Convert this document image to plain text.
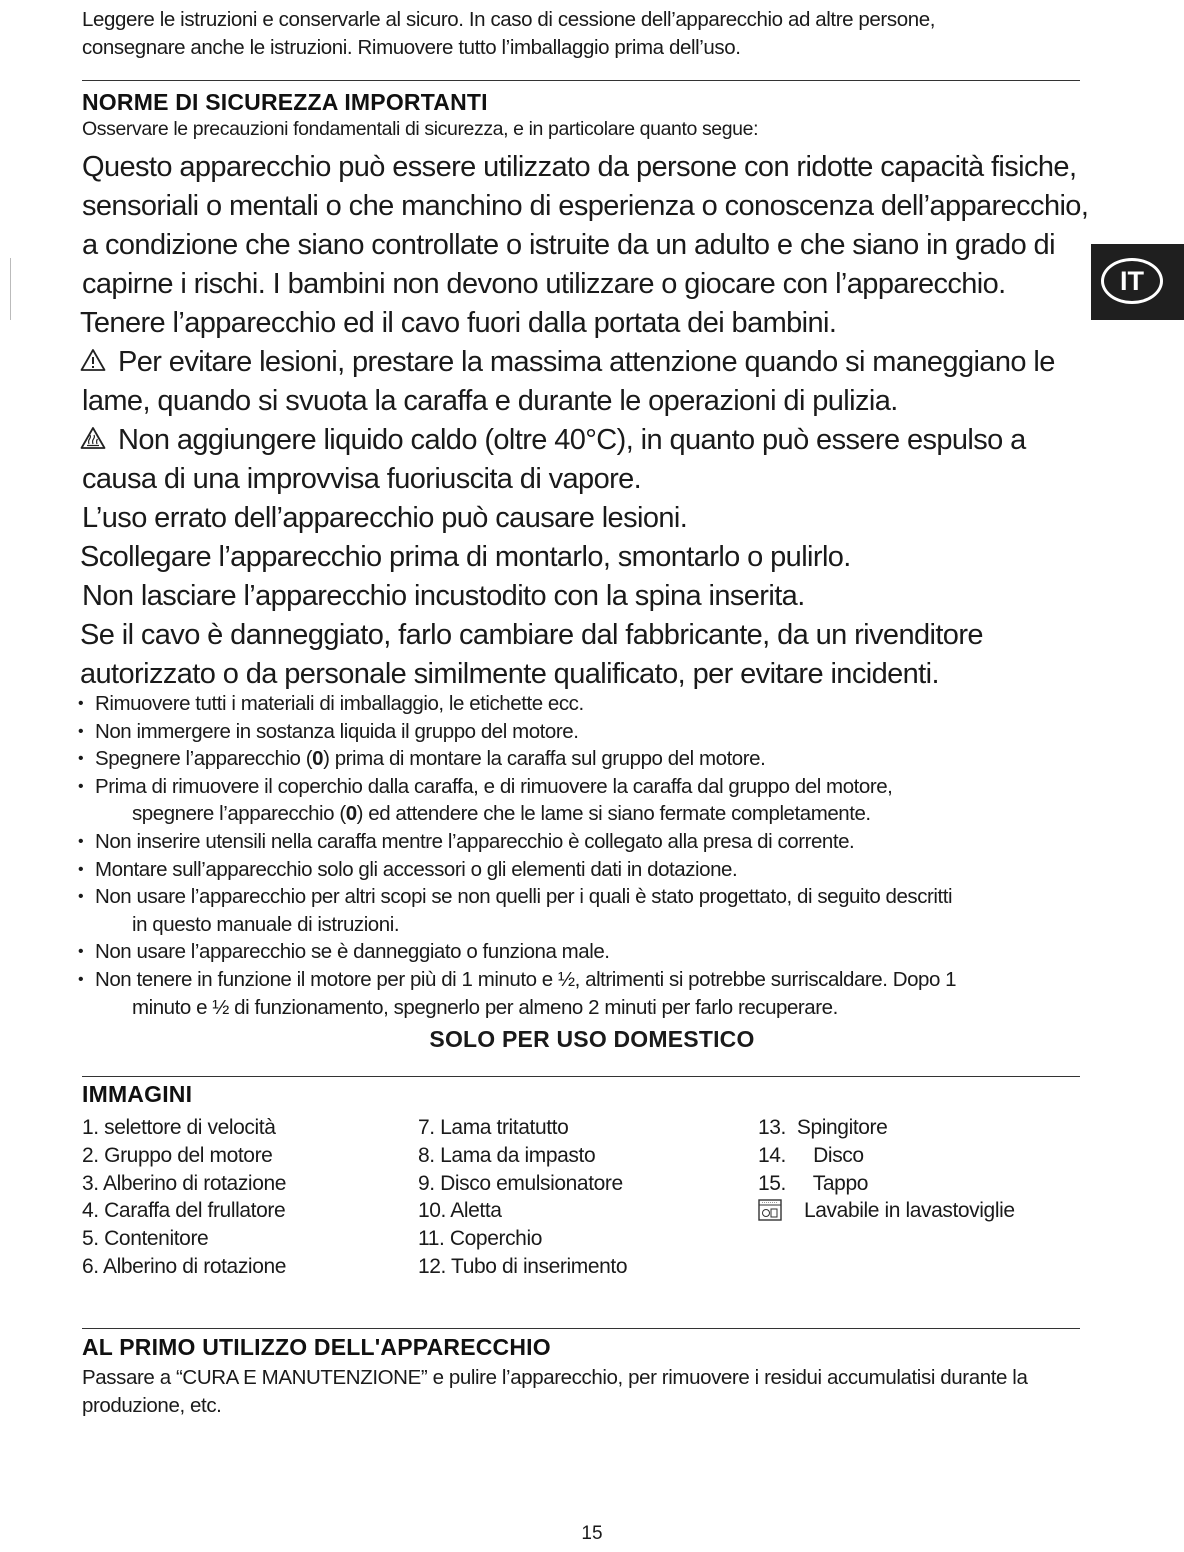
Leggere le istruzioni e conservarle al sicuro. In caso di cessione dell’apparecchio ad altre persone,
consegnare anche le istruzioni. Rimuovere tutto l’imballaggio prima dell’uso.
NORME DI SICUREZZA IMPORTANTI
Osservare le precauzioni fondamentali di sicurezza, e in particolare quanto segue:
Questo apparecchio può essere utilizzato da persone con ridotte capacità fisiche,
sensoriali o mentali o che manchino di esperienza o conoscenza dell’apparecchio,
a condizione che siano controllate o istruite da un adulto e che siano in grado di
capirne i rischi. I bambini non devono utilizzare o giocare con l’apparecchio.
Tenere l’apparecchio ed il cavo fuori dalla portata dei bambini.
Per evitare lesioni, prestare la massima attenzione quando si maneggiano le
lame, quando si svuota la caraffa e durante le operazioni di pulizia.
Non aggiungere liquido caldo (oltre 40°C), in quanto può essere espulso a
causa di una improvvisa fuoriuscita di vapore.
L’uso errato dell’apparecchio può causare lesioni.
Scollegare l’apparecchio prima di montarlo, smontarlo o pulirlo.
Non lasciare l’apparecchio incustodito con la spina inserita.
Se il cavo è danneggiato, farlo cambiare dal fabbricante, da un rivenditore
autorizzato o da personale similmente qualificato, per evitare incidenti.
• Rimuovere tutti i materiali di imballaggio, le etichette ecc.
• Non immergere in sostanza liquida il gruppo del motore.
• Spegnere l’apparecchio (0) prima di montare la caraffa sul gruppo del motore.
• Prima di rimuovere il coperchio dalla caraffa, e di rimuovere la caraffa dal gruppo del motore,
spegnere l’apparecchio (0) ed attendere che le lame si siano fermate completamente.
• Non inserire utensili nella caraffa mentre l’apparecchio è collegato alla presa di corrente.
• Montare sull’apparecchio solo gli accessori o gli elementi dati in dotazione.
• Non usare l’apparecchio per altri scopi se non quelli per i quali è stato progettato, di seguito descritti
in questo manuale di istruzioni.
• Non usare l’apparecchio se è danneggiato o funziona male.
• Non tenere in funzione il motore per più di 1 minuto e ½, altrimenti si potrebbe surriscaldare. Dopo 1
minuto e ½ di funzionamento, spegnerlo per almeno 2 minuti per farlo recuperare.
SOLO PER USO DOMESTICO
IMMAGINI
1. selettore di velocità
2. Gruppo del motore
3. Alberino di rotazione
4. Caraffa del frullatore
5. Contenitore
6. Alberino di rotazione
7. Lama tritatutto
8. Lama da impasto
9. Disco emulsionatore
10. Aletta
11. Coperchio
12. Tubo di inserimento
13.  Spingitore
14.     Disco
15.     Tappo
Lavabile in lavastoviglie
AL PRIMO UTILIZZO DELL'APPARECCHIO
Passare a “CURA E MANUTENZIONE” e pulire l’apparecchio, per rimuovere i residui accumulatisi durante la
produzione, etc.
IT
15
